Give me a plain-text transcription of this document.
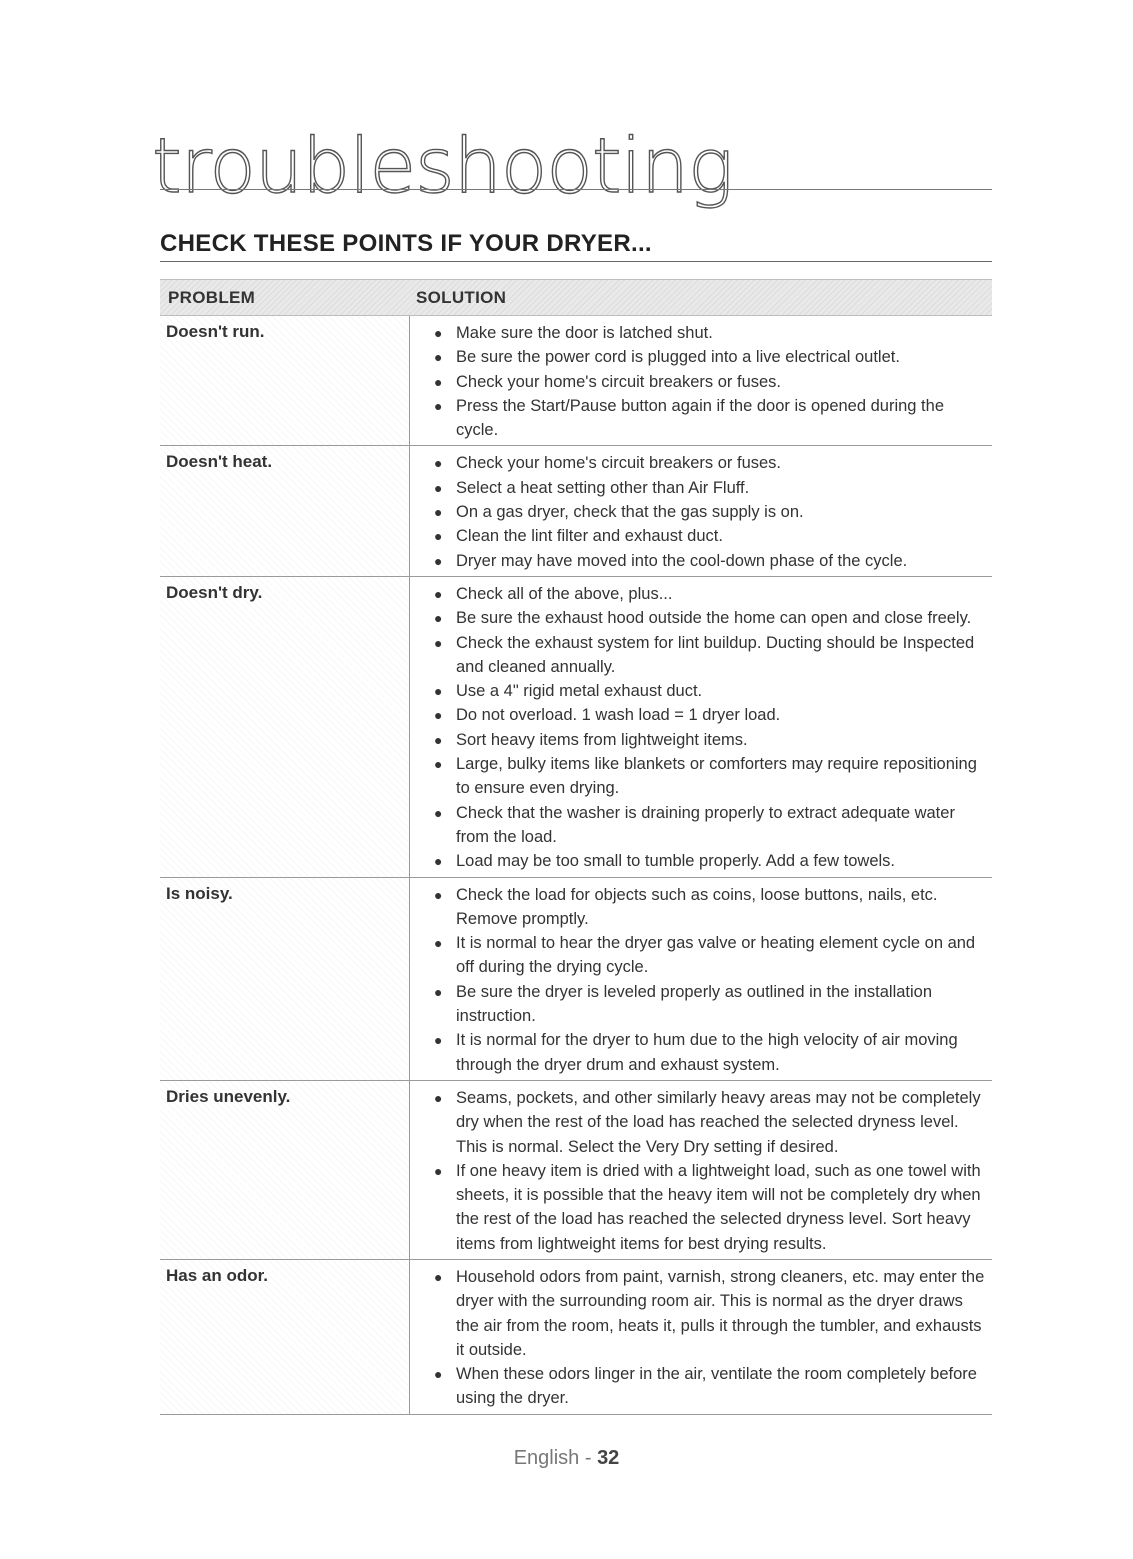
troubleshooting
CHECK THESE POINTS IF YOUR DRYER...
PROBLEM	SOLUTION
Doesn't run.	● Make sure the door is latched shut.
● Be sure the power cord is plugged into a live electrical outlet.
● Check your home's circuit breakers or fuses.
● Press the Start/Pause button again if the door is opened during the cycle.
Doesn't heat.	● Check your home's circuit breakers or fuses.
● Select a heat setting other than Air Fluff.
● On a gas dryer, check that the gas supply is on.
● Clean the lint filter and exhaust duct.
● Dryer may have moved into the cool-down phase of the cycle.
Doesn't dry.	● Check all of the above, plus...
● Be sure the exhaust hood outside the home can open and close freely.
● Check the exhaust system for lint buildup. Ducting should be Inspected and cleaned annually.
● Use a 4" rigid metal exhaust duct.
● Do not overload. 1 wash load = 1 dryer load.
● Sort heavy items from lightweight items.
● Large, bulky items like blankets or comforters may require repositioning to ensure even drying.
● Check that the washer is draining properly to extract adequate water from the load.
● Load may be too small to tumble properly. Add a few towels.
Is noisy.	● Check the load for objects such as coins, loose buttons, nails, etc. Remove promptly.
● It is normal to hear the dryer gas valve or heating element cycle on and off during the drying cycle.
● Be sure the dryer is leveled properly as outlined in the installation instruction.
● It is normal for the dryer to hum due to the high velocity of air moving through the dryer drum and exhaust system.
Dries unevenly.	● Seams, pockets, and other similarly heavy areas may not be completely dry when the rest of the load has reached the selected dryness level. This is normal. Select the Very Dry setting if desired.
● If one heavy item is dried with a lightweight load, such as one towel with sheets, it is possible that the heavy item will not be completely dry when the rest of the load has reached the selected dryness level. Sort heavy items from lightweight items for best drying results.
Has an odor.	● Household odors from paint, varnish, strong cleaners, etc. may enter the dryer with the surrounding room air. This is normal as the dryer draws the air from the room, heats it, pulls it through the tumbler, and exhausts it outside.
● When these odors linger in the air, ventilate the room completely before using the dryer.
English - 32
